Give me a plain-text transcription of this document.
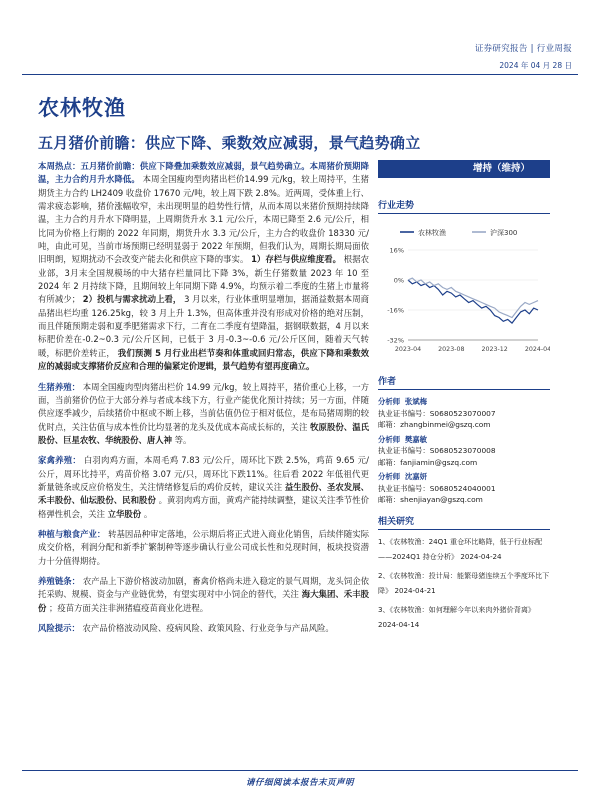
证券研究报告 | 行业周报
2024 年 04 月 28 日
农林牧渔
五月猪价前瞻：供应下降、乘数效应减弱，景气趋势确立

本周热点：五月猪价前瞻：供应下降叠加乘数效应减弱，景气趋势确立。本周猪价预期降温，主力合约月升水降低。 本周全国瘦肉型肉猪出栏价14.99 元/kg，较上周持平，生猪期货主力合约 LH2409 收盘价 17670 元/吨，较上周下跌 2.8%。近两周，受体重上行、需求疲态影响，猪价涨幅收窄，未出现明显的趋势性行情，从而本周以来猪价预期持续降温，主力合约月升水下降明显，上周期货升水 3.1 元/公斤，本周已降至 2.6 元/公斤，相比同为价格上行期的 2022 年同期，期货升水 3.3 元/公斤，主力合约收盘价 18330 元/吨，由此可见，当前市场预期已经明显弱于 2022 年预期，但我们认为，周期长期局面依旧明朗，短期扰动不会改变产能去化和供应下降的事实。 1）存栏与供应维度看。 根据农业部，3月末全国规模场的中大猪存栏量同比下降 3%，新生仔猪数量 2023 年 10 至 2024 年 2 月持续下降，且期间较上年同期下降 4.9%，均预示着二季度的生猪上市量将有所减少； 2）投机与需求扰动上看， 3 月以来，行业体重明显增加，据涌益数据本周商品猪出栏均重 126.25kg，较 3 月上升 1.3%，但高体重并没有形成对价格的绝对压制，而且伴随预期走弱和夏季肥猪需求下行，二育在二季度有望降温，据钢联数据，4 月以来标肥价差在-0.2~0.3 元/公斤区间，已低于 3 月-0.3~-0.6 元/公斤区间，随着天气转暖，标肥价差转正， 我们预测 5 月行业出栏节奏和体重或回归常态，供应下降和乘数效应的减弱或支撑猪价反应和合理的偏紧定价逻辑，景气趋势有望再度确立。

生猪养殖： 本周全国瘦肉型肉猪出栏价 14.99 元/kg，较上周持平，猪价重心上移，一方面，当前猪价仍位于大部分养与者成本线下方，行业产能优化预计持续；另一方面，伴随供应逐季减少，后续猪价中枢或不断上移，当前估值仍位于相对低位，是布局猪周期的较优时点，关注估值与成本性价比均显著的龙头及优成本高成长标的，关注 牧原股份、温氏股份、巨星农牧、华统股份、唐人神 等。

家禽养殖： 白羽肉鸡方面，本周毛鸡 7.83 元/公斤，周环比下跌 2.5%，鸡苗 9.65 元/公斤，周环比持平，鸡苗价格 3.07 元/只，周环比下跌11%。往后看 2022 年低祖代更新量链条或反应价格发生，关注情绪修复后的鸡价反转，建议关注 益生股份、圣农发展、禾丰股份、仙坛股份、民和股份 。黄羽肉鸡方面，黄鸡产能持续调整，建议关注季节性价格弹性机会，关注 立华股份 。

种植与粮食产业： 转基因品种审定落地，公示期后将正式进入商业化销售，后续伴随实际成交价格，利润分配和新季扩繁制种等逐步确认行业公司成长性和兑现时间，板块投资潜力十分值得期待。

养殖链条： 农产品上下游价格波动加剧，畜禽价格尚未进入稳定的景气周期，龙头饲企依托采购、规模、资金与产业链优势，有望实现对中小饲企的替代，关注 海大集团、禾丰股份 ；疫苗方面关注非洲猪瘟疫苗商业化进程。

风险提示： 农产品价格波动风险、疫病风险、政策风险、行业竞争与产品风险。

增持（维持）
行业走势
农林牧渔	沪深300
16%
0%
-16%
-32%
2023-04	2023-08	2023-12	2024-04
作者
分析师 张斌梅
执业证书编号：S0680523070007
邮箱：zhangbinmei@gszq.com
分析师 樊嘉敏
执业证书编号：S0680523070008
邮箱：fanjiamin@gszq.com
分析师 沈嘉妍
执业证书编号：S0680524040001
邮箱：shenjiayan@gszq.com
相关研究
1、《农林牧渔：24Q1 重仓环比略降，低于行业标配——2024Q1 持仓分析》 2024-04-24
2、《农林牧渔：投计局：能繁母猪连续五个季度环比下降》 2024-04-21
3、《农林牧渔：如何理解今年以来肉外猪价背离》 2024-04-14
请仔细阅读本报告末页声明
